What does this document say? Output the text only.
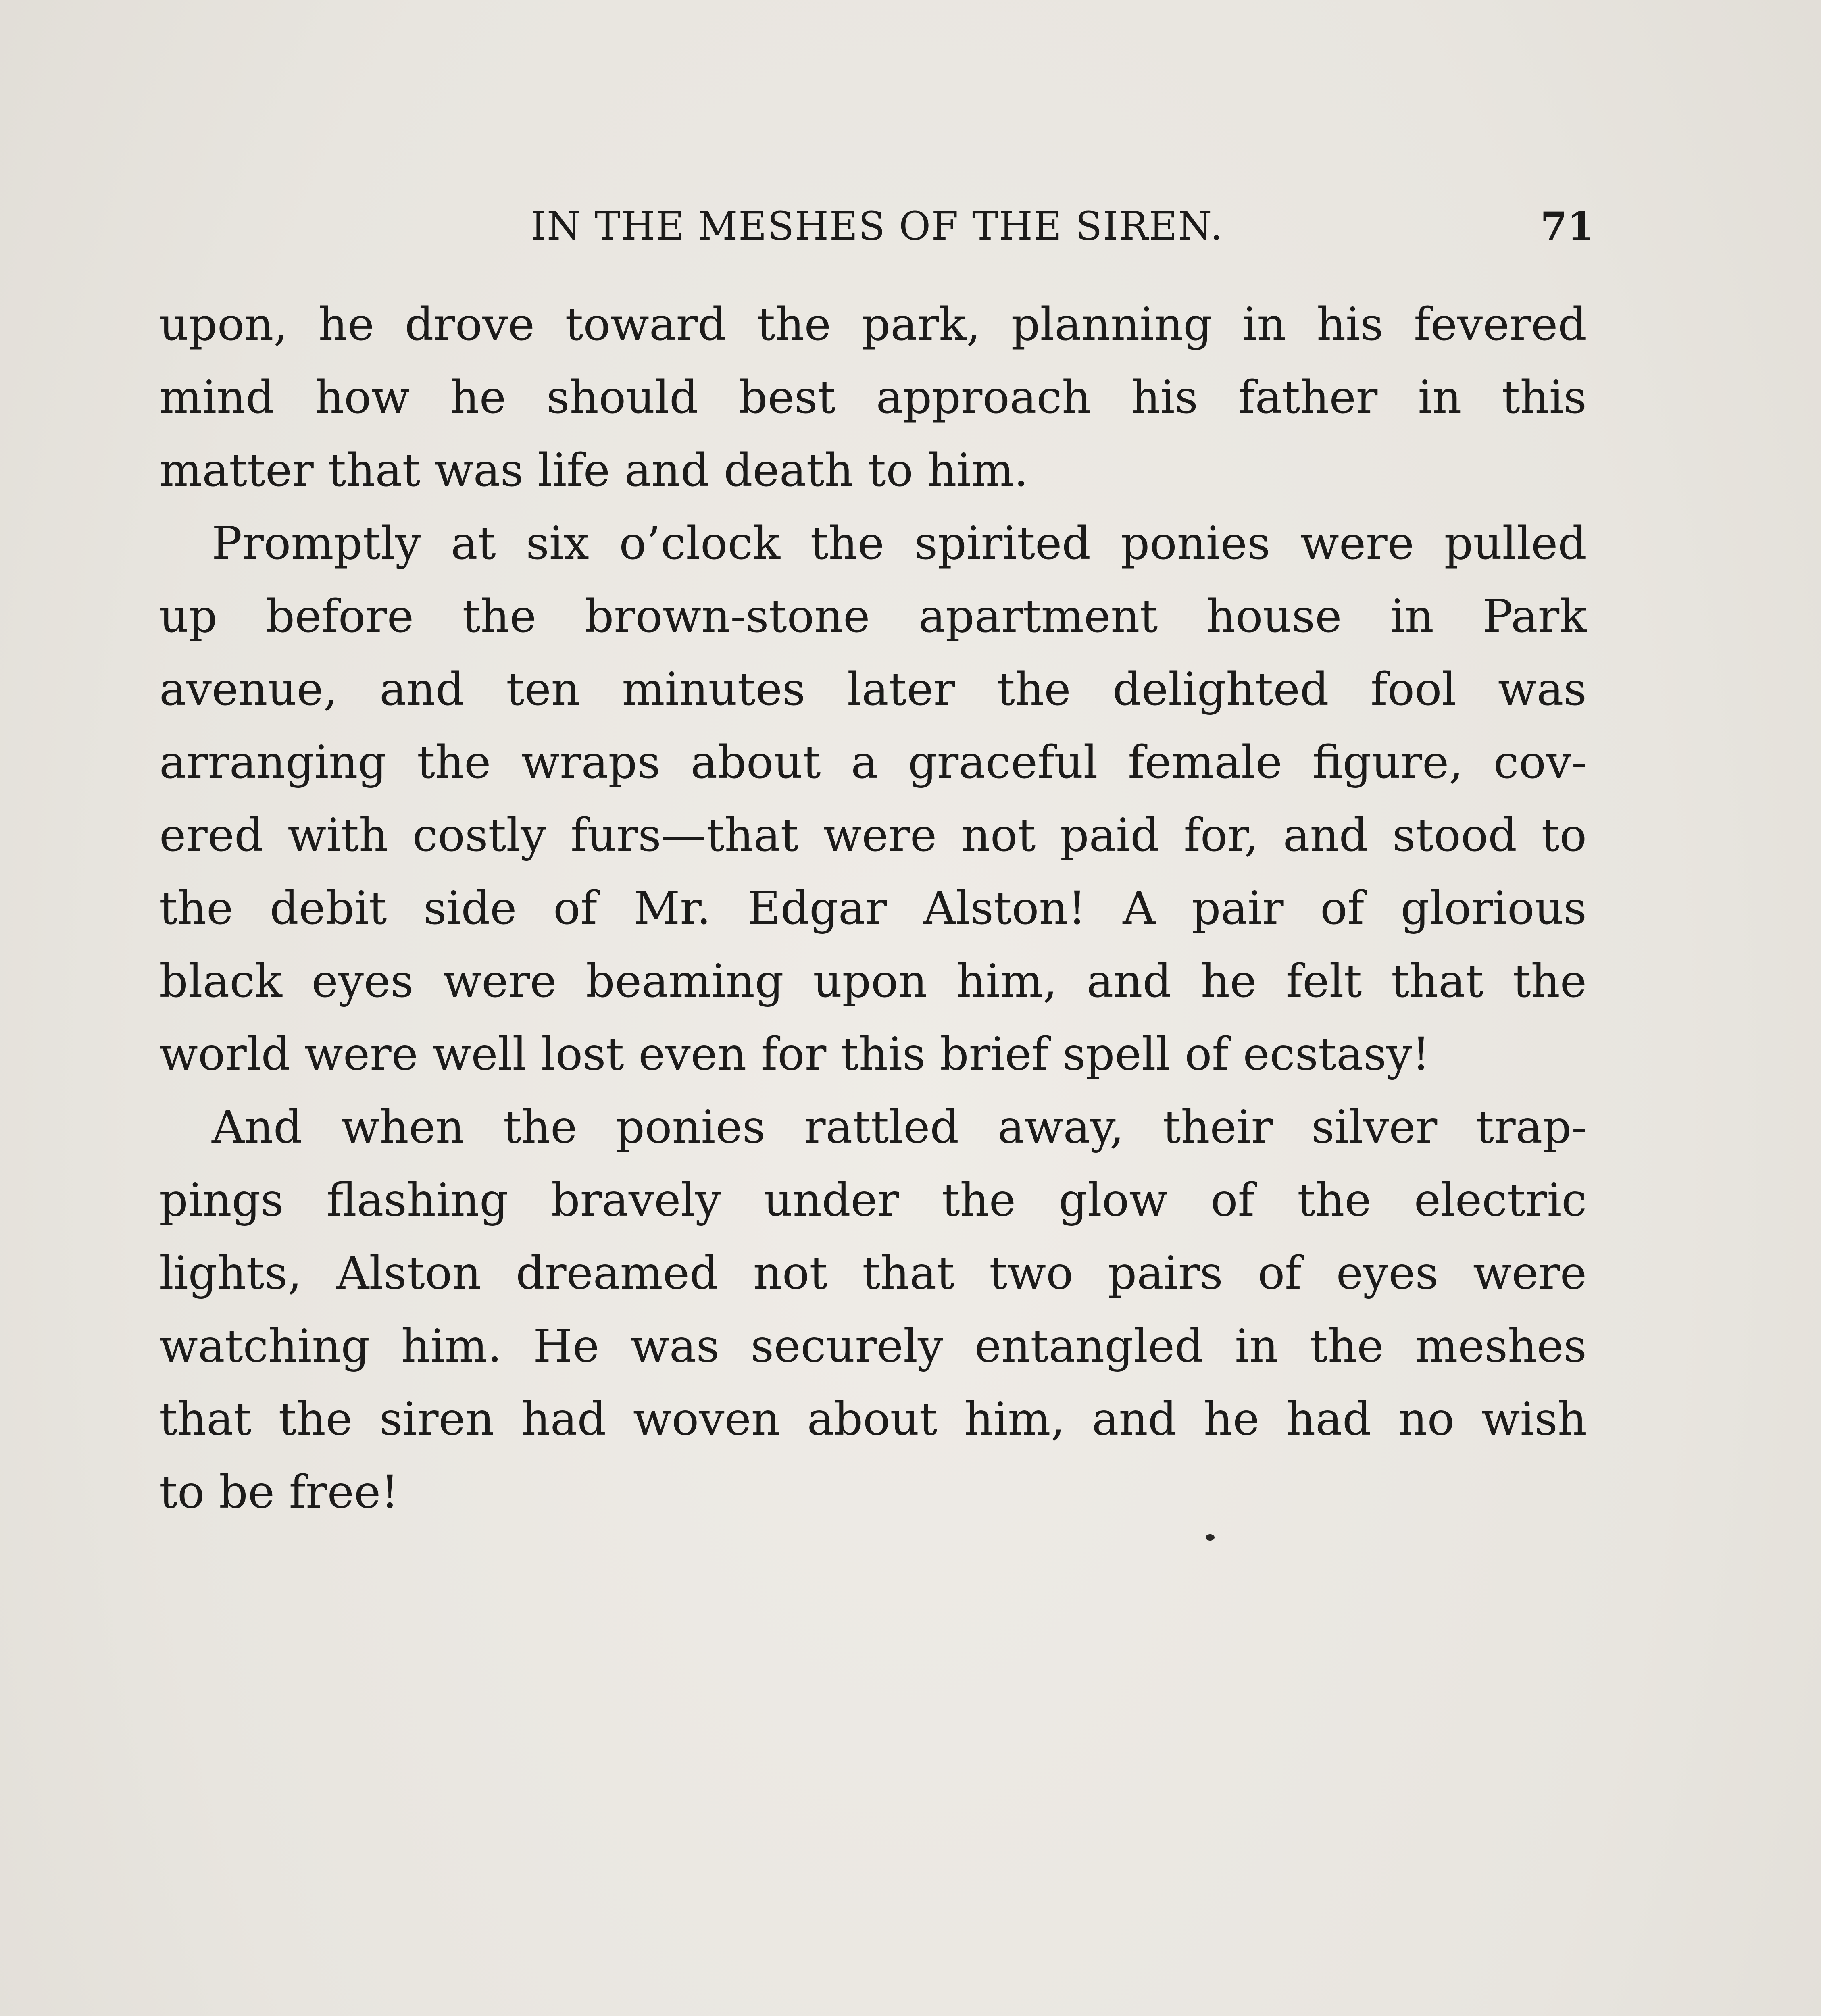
IN THE MESHES OF THE SIREN.	71
upon, he drove toward the park, planning in his fevered
mind how he should best approach his father in this
matter that was life and death to him.
Promptly at six o’clock the spirited ponies were pulled
up before the brown-stone apartment house in Park
avenue, and ten minutes later the delighted fool was
arranging the wraps about a graceful female figure, cov-
ered with costly furs—that were not paid for, and stood to
the debit side of Mr. Edgar Alston! A pair of glorious
black eyes were beaming upon him, and he felt that the
world were well lost even for this brief spell of ecstasy!
And when the ponies rattled away, their silver trap-
pings flashing bravely under the glow of the electric
lights, Alston dreamed not that two pairs of eyes were
watching him. He was securely entangled in the meshes
that the siren had woven about him, and he had no wish
to be free!
